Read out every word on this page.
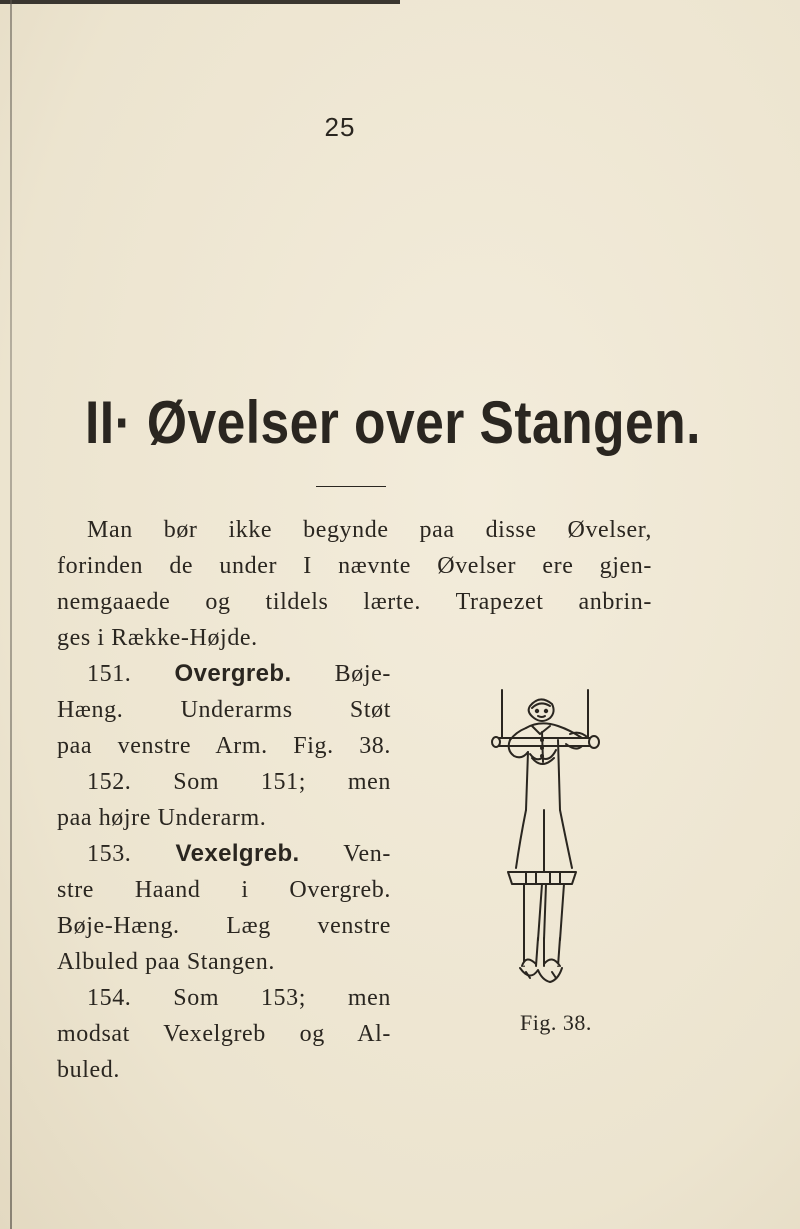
25
II· Øvelser over Stangen.
Man bør ikke begynde paa disse Øvelser,
forinden de under I nævnte Øvelser ere gjen-
nemgaaede og tildels lærte. Trapezet anbrin-
ges i Række-Højde.
151. Overgreb. Bøje-
Hæng. Underarms Støt
paa venstre Arm. Fig. 38.
152. Som 151; men
paa højre Underarm.
153. Vexelgreb. Ven-
stre Haand i Overgreb.
Bøje-Hæng. Læg venstre
Albuled paa Stangen.
154. Som 153; men
modsat Vexelgreb og Al-
buled.
Fig. 38.
